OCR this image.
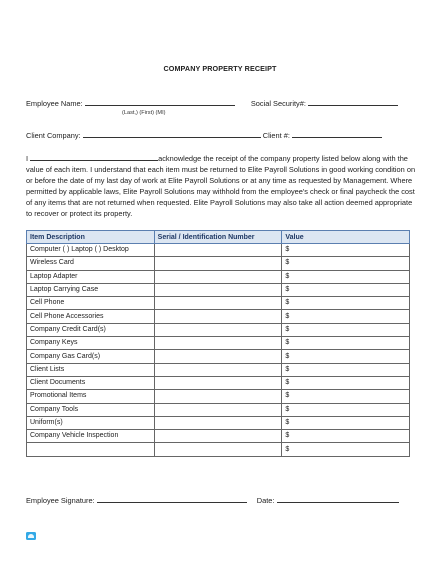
COMPANY PROPERTY RECEIPT
Employee Name:	Social Security#:
(Last,) (First) (MI)
Client Company:	Client #:
I	acknowledge the receipt of the company property listed below along with the value of each item. I understand that each item must be returned to Elite Payroll Solutions in good working condition on or before the date of my last day of work at Elite Payroll Solutions or at any time as requested by Management. Where permitted by applicable laws, Elite Payroll Solutions may withhold from the employee's check or final paycheck the cost of any items that are not returned when requested. Elite Payroll Solutions may also take all action deemed appropriate to recover or protect its property.
Item Description	Serial / Identification Number	Value
Computer ( ) Laptop ( ) Desktop		$
Wireless Card		$
Laptop Adapter		$
Laptop Carrying Case		$
Cell Phone		$
Cell Phone Accessories		$
Company Credit Card(s)		$
Company Keys		$
Company Gas Card(s)		$
Client Lists		$
Client Documents		$
Promotional Items		$
Company Tools		$
Uniform(s)		$
Company Vehicle Inspection		$
		$
Employee Signature:	Date:
